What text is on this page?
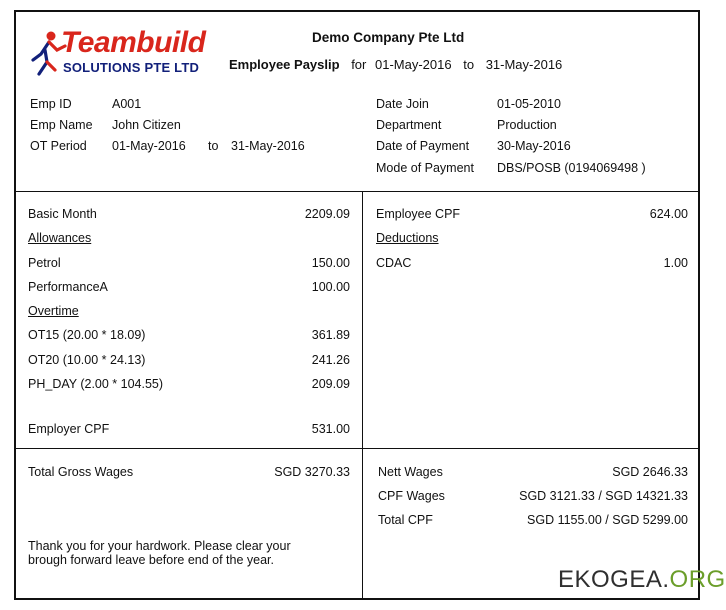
Teambuild
SOLUTIONS PTE LTD
Demo Company Pte Ltd
Employee Payslip for 01-May-2016 to 31-May-2016
Emp ID	A001
Emp Name John Citizen
OT Period 01-May-2016 to 31-May-2016
Date Join	01-05-2010
Department	Production
Date of Payment 30-May-2016
Mode of Payment DBS/POSB (0194069498 )
Basic Month	2209.09
Allowances
Petrol	150.00
PerformanceA	100.00
Overtime
OT15 (20.00 * 18.09)	361.89
OT20 (10.00 * 24.13)	241.26
PH_DAY (2.00 * 104.55)	209.09
Employer CPF	531.00
Employee CPF	624.00
Deductions
CDAC	1.00
Total Gross Wages	SGD 3270.33 Nett Wages	SGD 2646.33
CPF Wages	SGD 3121.33 / SGD 14321.33
Total CPF	SGD 1155.00 / SGD 5299.00
Thank you for your hardwork. Please clear your
brough forward leave before end of the year.
EKOGEA.ORG
